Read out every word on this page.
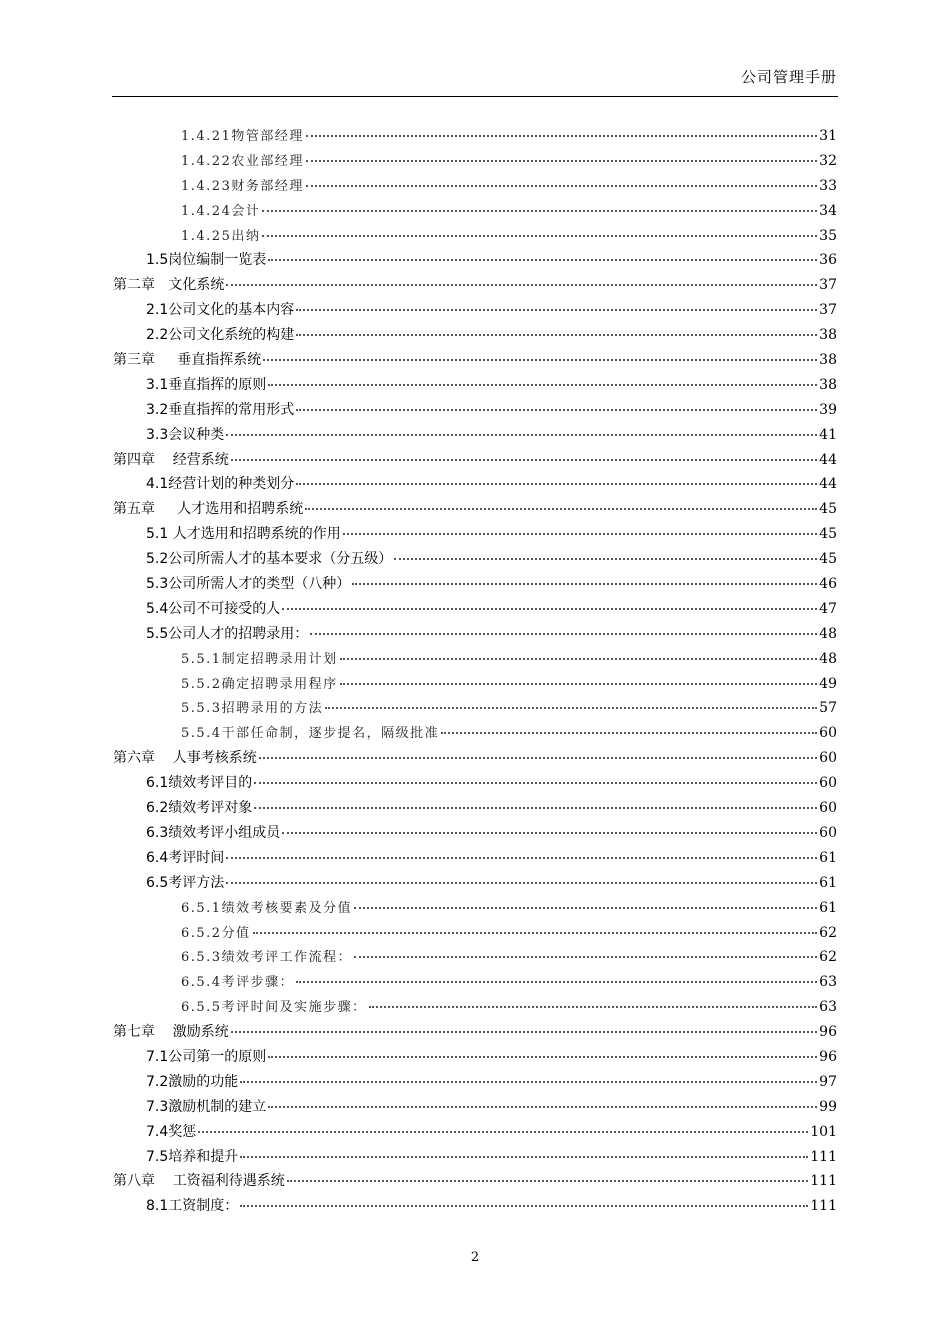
公司管理手册
1.4.21物管部经理	31
1.4.22农业部经理	32
1.4.23财务部经理	33
1.4.24会计	34
1.4.25出纳	35
1.5岗位编制一览表	36
第二章   文化系统	37
2.1公司文化的基本内容	37
2.2公司文化系统的构建	38
第三章     垂直指挥系统	38
3.1垂直指挥的原则	38
3.2垂直指挥的常用形式	39
3.3会议种类	41
第四章    经营系统	44
4.1经营计划的种类划分	44
第五章     人才选用和招聘系统	45
5.1 人才选用和招聘系统的作用	45
5.2公司所需人才的基本要求（分五级）	45
5.3公司所需人才的类型（八种）	46
5.4公司不可接受的人	47
5.5公司人才的招聘录用：	48
5.5.1制定招聘录用计划	48
5.5.2确定招聘录用程序	49
5.5.3招聘录用的方法	57
5.5.4干部任命制，逐步提名，隔级批准	60
第六章    人事考核系统	60
6.1绩效考评目的	60
6.2绩效考评对象	60
6.3绩效考评小组成员	60
6.4考评时间	61
6.5考评方法	61
6.5.1绩效考核要素及分值	61
6.5.2分值	62
6.5.3绩效考评工作流程：	62
6.5.4考评步骤：	63
6.5.5考评时间及实施步骤：	63
第七章    激励系统	96
7.1公司第一的原则	96
7.2激励的功能	97
7.3激励机制的建立	99
7.4奖惩	101
7.5培养和提升	111
第八章    工资福利待遇系统	111
8.1工资制度：	111
2
